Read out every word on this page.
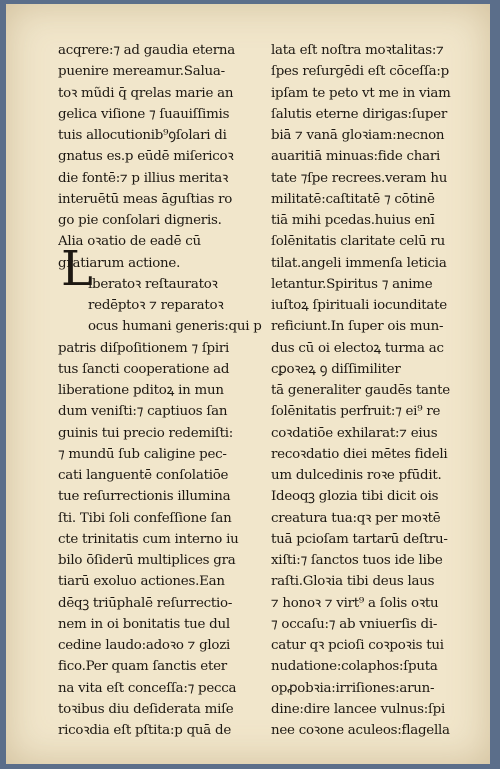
acqrere:⁊ ad gaudia eterna
puenire mereamur.Salua-
toꝛ mũdi q̄ qrelas marie an
gelica viſione ⁊ ſuauiſſimis
tuis allocutionib⁹ꝯſolari di
gnatus es.p eūdē miſericoꝛ
die fontē:⁊ p illius meritaꝛ
interuētū meas āguſtias ro
go pie conſolari digneris.
Alia oꝛatio de eadē cū
gratiarum actione.
iberatoꝛ reſtauratoꝛ
redēptoꝛ ⁊ reparatoꝛ
ocus humani generis:qui p
patris diſpoſitionem ⁊ ſpiri
tus ſancti cooperatione ad
liberatione pditoꝝ in mun
dum veniſti:⁊ captiuos ſan
guinis tui precio redemiſti:
⁊ mundū ſub caligine pec-
cati languentē conſolatiōe
tue reſurrectionis illumina
ſti. Tibi ſoli confeſſione ſan
cte trinitatis cum interno iu
bilo ōſiderū multiplices gra
tiarū exoluo actiones.Ean
dēqꝫ triūphalē reſurrectio-
nem in oi bonitatis tue dul
cedine laudo:adoꝛo ⁊ glozi
fico.Per quam ſanctis eter
na vita eſt conceſſa:⁊ pecca
toꝛibus diu deſiderata miſe
ricoꝛdia eſt pſtita:p quā de
L
lata eſt noſtra moꝛtalitas:⁊
ſpes reſurgēdi eſt cōceſſa:p
ipſam te peto vt me in viam
ſalutis eterne dirigas:ſuper
biā ⁊ vanā gloꝛiam:necnon
auaritiā minuas:fide chari
tate ⁊ſpe recrees.veram hu
militatē:caſtitatē ⁊ cōtinē
tiā mihi pcedas.huius enī
ſolēnitatis claritate celū ru
tilat.angeli immenſa leticia
letantur.Spiritus ⁊ anime
iuſtoꝝ ſpirituali iocunditate
reficiunt.In ſuper ois mun-
dus cū oi electoꝝ turma ac
cꝑoꝛeꝝ ꝯ diſſimiliter
tā generaliter gaudēs tante
ſolēnitatis perfruit:⁊ ei⁹ re
coꝛdatiōe exhilarat:⁊ eius
recoꝛdatio diei mētes fideli
um dulcedinis roꝛe pfūdit.
Ideoqꝫ glozia tibi dicit ois
creatura tua:qꝛ per moꝛtē
tuā pcioſam tartarū deſtru-
xiſti:⁊ ſanctos tuos ide libe
raſti.Gloꝛia tibi deus laus
⁊ honoꝛ ⁊ virt⁹ a ſolis oꝛtu
⁊ occaſu:⁊ ab vniuerſis di-
catur qꝛ pcioſi coꝛpoꝛis tui
nudatione:colaphos:ſputa
opꝓobꝛia:irriſiones:arun-
dine:dire lancee vulnus:ſpi
nee coꝛone aculeos:flagella
